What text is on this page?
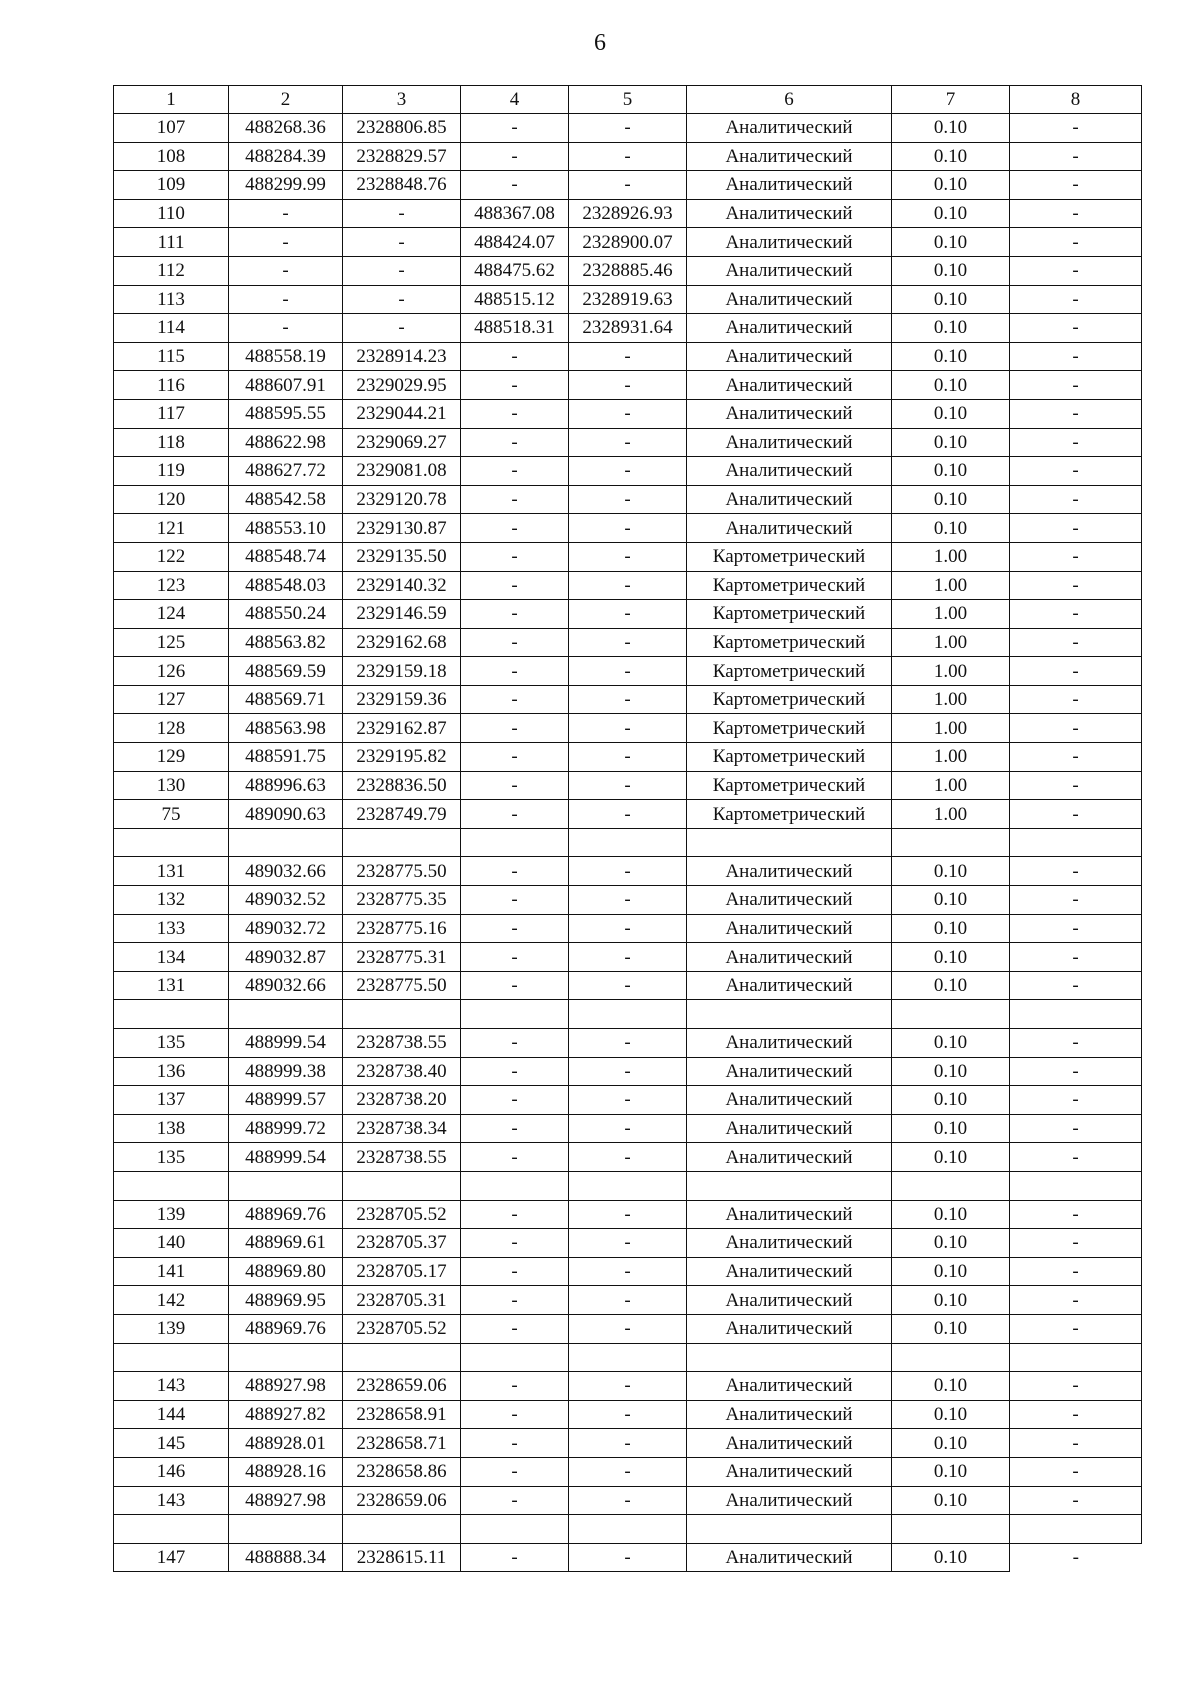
6
1	2	3	4	5	6	7	8
107	488268.36	2328806.85	-	-	Аналитический	0.10	-
108	488284.39	2328829.57	-	-	Аналитический	0.10	-
109	488299.99	2328848.76	-	-	Аналитический	0.10	-
110	-	-	488367.08	2328926.93	Аналитический	0.10	-
111	-	-	488424.07	2328900.07	Аналитический	0.10	-
112	-	-	488475.62	2328885.46	Аналитический	0.10	-
113	-	-	488515.12	2328919.63	Аналитический	0.10	-
114	-	-	488518.31	2328931.64	Аналитический	0.10	-
115	488558.19	2328914.23	-	-	Аналитический	0.10	-
116	488607.91	2329029.95	-	-	Аналитический	0.10	-
117	488595.55	2329044.21	-	-	Аналитический	0.10	-
118	488622.98	2329069.27	-	-	Аналитический	0.10	-
119	488627.72	2329081.08	-	-	Аналитический	0.10	-
120	488542.58	2329120.78	-	-	Аналитический	0.10	-
121	488553.10	2329130.87	-	-	Аналитический	0.10	-
122	488548.74	2329135.50	-	-	Картометрический	1.00	-
123	488548.03	2329140.32	-	-	Картометрический	1.00	-
124	488550.24	2329146.59	-	-	Картометрический	1.00	-
125	488563.82	2329162.68	-	-	Картометрический	1.00	-
126	488569.59	2329159.18	-	-	Картометрический	1.00	-
127	488569.71	2329159.36	-	-	Картометрический	1.00	-
128	488563.98	2329162.87	-	-	Картометрический	1.00	-
129	488591.75	2329195.82	-	-	Картометрический	1.00	-
130	488996.63	2328836.50	-	-	Картометрический	1.00	-
75	489090.63	2328749.79	-	-	Картометрический	1.00	-

131	489032.66	2328775.50	-	-	Аналитический	0.10	-
132	489032.52	2328775.35	-	-	Аналитический	0.10	-
133	489032.72	2328775.16	-	-	Аналитический	0.10	-
134	489032.87	2328775.31	-	-	Аналитический	0.10	-
131	489032.66	2328775.50	-	-	Аналитический	0.10	-

135	488999.54	2328738.55	-	-	Аналитический	0.10	-
136	488999.38	2328738.40	-	-	Аналитический	0.10	-
137	488999.57	2328738.20	-	-	Аналитический	0.10	-
138	488999.72	2328738.34	-	-	Аналитический	0.10	-
135	488999.54	2328738.55	-	-	Аналитический	0.10	-

139	488969.76	2328705.52	-	-	Аналитический	0.10	-
140	488969.61	2328705.37	-	-	Аналитический	0.10	-
141	488969.80	2328705.17	-	-	Аналитический	0.10	-
142	488969.95	2328705.31	-	-	Аналитический	0.10	-
139	488969.76	2328705.52	-	-	Аналитический	0.10	-

143	488927.98	2328659.06	-	-	Аналитический	0.10	-
144	488927.82	2328658.91	-	-	Аналитический	0.10	-
145	488928.01	2328658.71	-	-	Аналитический	0.10	-
146	488928.16	2328658.86	-	-	Аналитический	0.10	-
143	488927.98	2328659.06	-	-	Аналитический	0.10	-

147	488888.34	2328615.11	-	-	Аналитический	0.10	-
